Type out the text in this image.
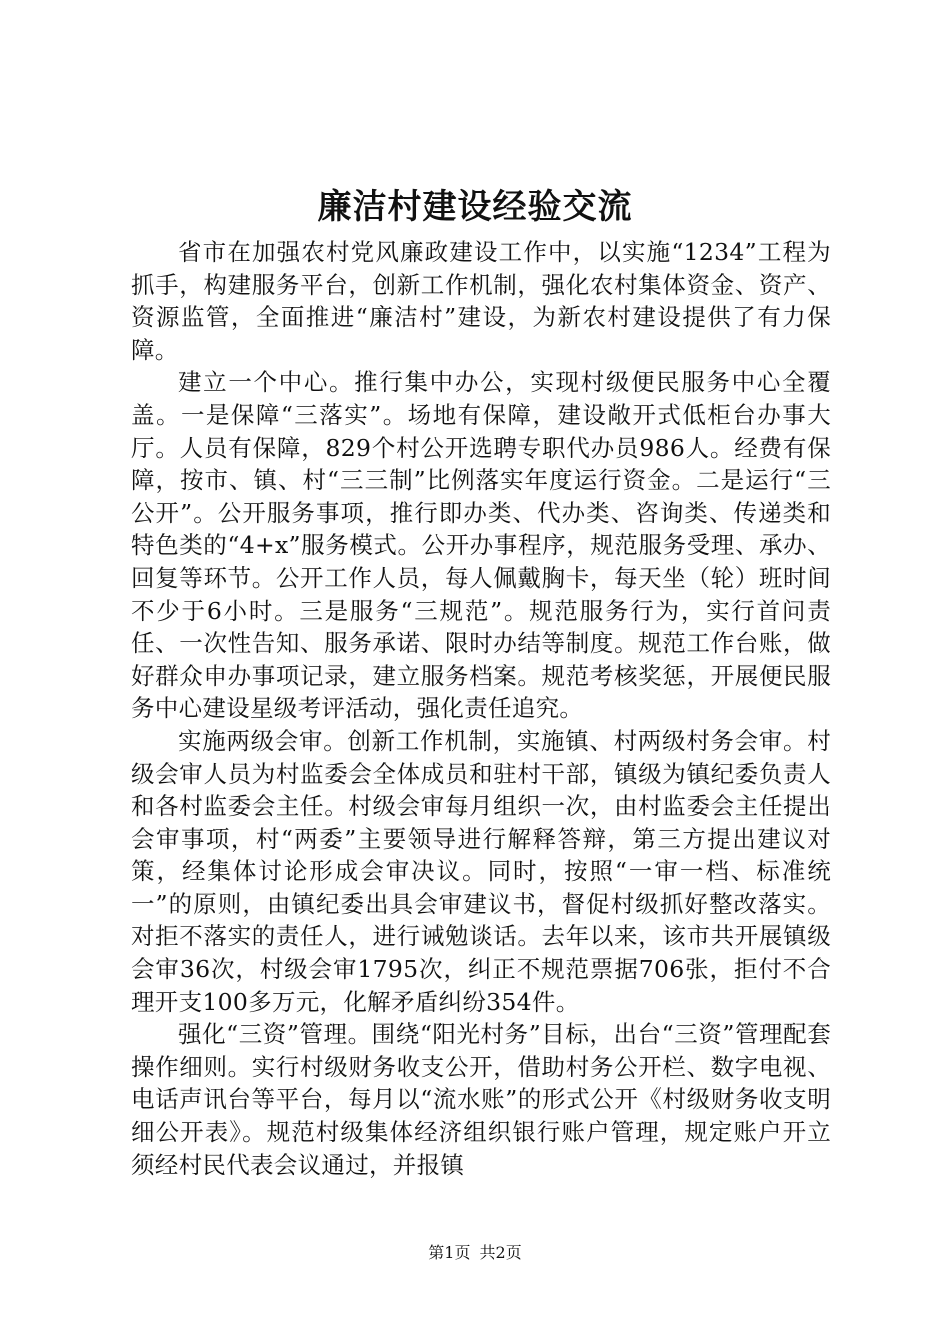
廉洁村建设经验交流

省市在加强农村党风廉政建设工作中，以实施“1234”工程为抓手，构建服务平台，创新工作机制，强化农村集体资金、资产、资源监管，全面推进“廉洁村”建设，为新农村建设提供了有力保障。

建立一个中心。推行集中办公，实现村级便民服务中心全覆盖。一是保障“三落实”。场地有保障，建设敞开式低柜台办事大厅。人员有保障，829个村公开选聘专职代办员986人。经费有保障，按市、镇、村“三三制”比例落实年度运行资金。二是运行“三公开”。公开服务事项，推行即办类、代办类、咨询类、传递类和特色类的“4+x”服务模式。公开办事程序，规范服务受理、承办、回复等环节。公开工作人员，每人佩戴胸卡，每天坐（轮）班时间不少于6小时。三是服务“三规范”。规范服务行为，实行首问责任、一次性告知、服务承诺、限时办结等制度。规范工作台账，做好群众申办事项记录，建立服务档案。规范考核奖惩，开展便民服务中心建设星级考评活动，强化责任追究。

实施两级会审。创新工作机制，实施镇、村两级村务会审。村级会审人员为村监委会全体成员和驻村干部，镇级为镇纪委负责人和各村监委会主任。村级会审每月组织一次，由村监委会主任提出会审事项，村“两委”主要领导进行解释答辩，第三方提出建议对策，经集体讨论形成会审决议。同时，按照“一审一档、标准统一”的原则，由镇纪委出具会审建议书，督促村级抓好整改落实。对拒不落实的责任人，进行诫勉谈话。去年以来，该市共开展镇级会审36次，村级会审1795次，纠正不规范票据706张，拒付不合理开支100多万元，化解矛盾纠纷354件。

强化“三资”管理。围绕“阳光村务”目标，出台“三资”管理配套操作细则。实行村级财务收支公开，借助村务公开栏、数字电视、电话声讯台等平台，每月以“流水账”的形式公开《村级财务收支明细公开表》。规范村级集体经济组织银行账户管理，规定账户开立须经村民代表会议通过，并报镇

第1页 共2页
